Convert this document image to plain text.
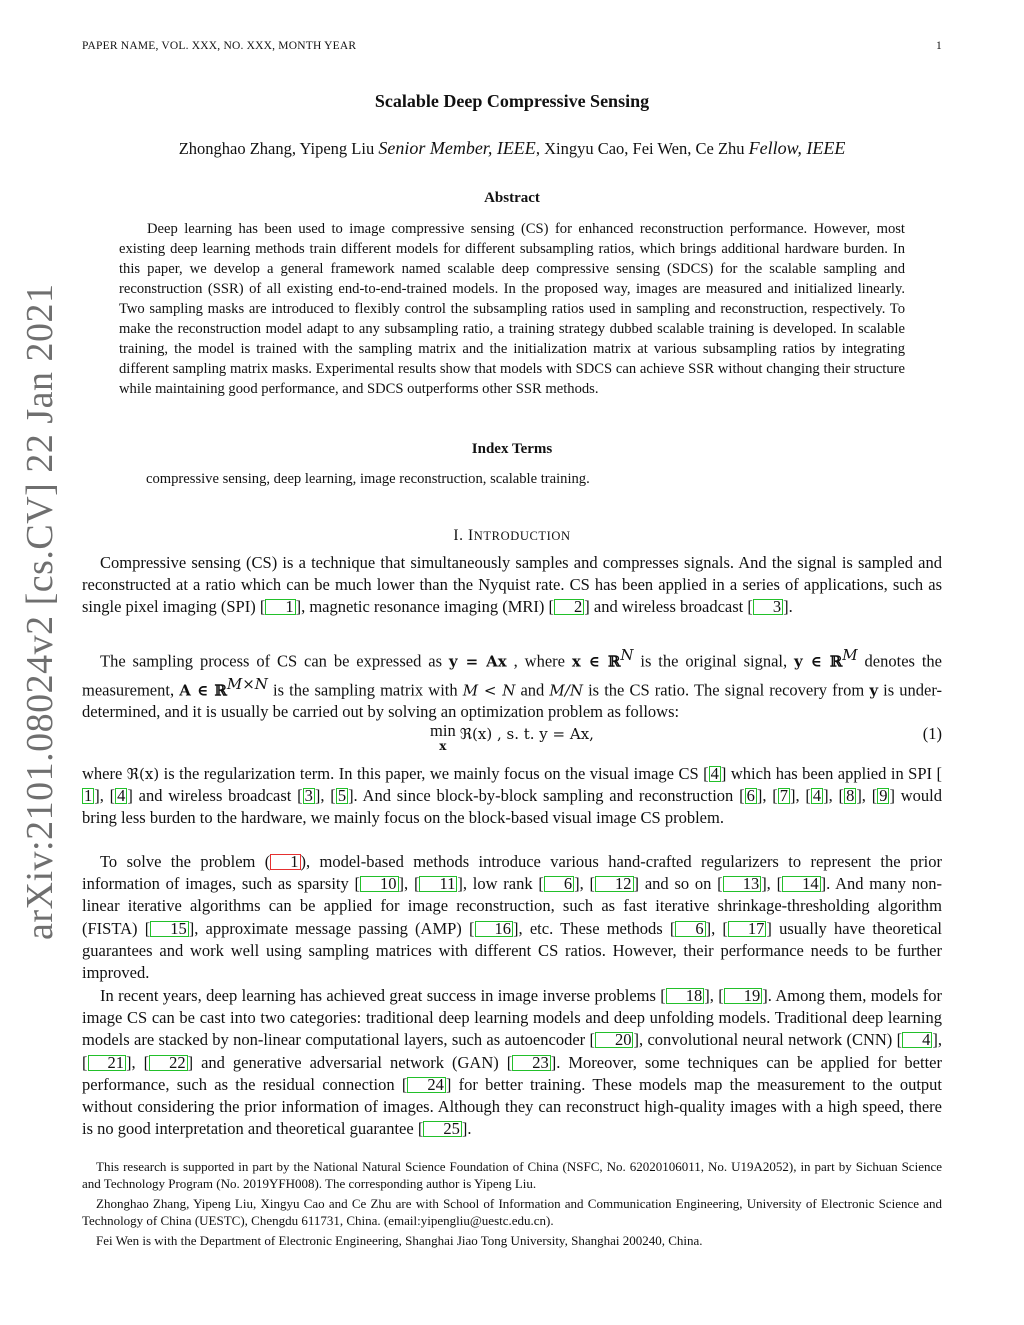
PAPER NAME, VOL. XXX, NO. XXX, MONTH YEAR	1
arXiv:2101.08024v2 [cs.CV] 22 Jan 2021
Scalable Deep Compressive Sensing
Zhonghao Zhang, Yipeng Liu Senior Member, IEEE, Xingyu Cao, Fei Wen, Ce Zhu Fellow, IEEE
Abstract

Deep learning has been used to image compressive sensing (CS) for enhanced reconstruction performance. However, most existing deep learning methods train different models for different subsampling ratios, which brings additional hardware burden. In this paper, we develop a general framework named scalable deep compressive sensing (SDCS) for the scalable sampling and reconstruction (SSR) of all existing end-to-end-trained models. In the proposed way, images are measured and initialized linearly. Two sampling masks are introduced to flexibly control the subsampling ratios used in sampling and reconstruction, respectively. To make the reconstruction model adapt to any subsampling ratio, a training strategy dubbed scalable training is developed. In scalable training, the model is trained with the sampling matrix and the initialization matrix at various subsampling ratios by integrating different sampling matrix masks. Experimental results show that models with SDCS can achieve SSR without changing their structure while maintaining good performance, and SDCS outperforms other SSR methods.

Index Terms
compressive sensing, deep learning, image reconstruction, scalable training.
I. INTRODUCTION

Compressive sensing (CS) is a technique that simultaneously samples and compresses signals. And the signal is sampled and reconstructed at a ratio which can be much lower than the Nyquist rate. CS has been applied in a series of applications, such as single pixel imaging (SPI) [ 1 ], magnetic resonance imaging (MRI) [ 2 ] and wireless broadcast [ 3 ].

The sampling process of CS can be expressed as y = Ax , where x ∈ ℝ$^N$ is the original signal, y ∈ ℝ$^M$ denotes the measurement, A ∈ ℝ$^{M\times N}$ is the sampling matrix with M < N and M/N is the CS ratio. The signal recovery from y is under-determined, and it is usually be carried out by solving an optimization problem as follows:

min
x ℜ(x) , s. t. y = Ax,	(1)

where ℜ(x) is the regularization term. In this paper, we mainly focus on the visual image CS [ 4 ] which has been applied in SPI [1 ], [ 4 ] and wireless broadcast [ 3 ], [ 5 ]. And since block-by-block sampling and reconstruction [ 6 ], [ 7 ], [ 4 ], [ 8 ], [ 9 ] would bring less burden to the hardware, we mainly focus on the block-based visual image CS problem.

To solve the problem ( 1 ), model-based methods introduce various hand-crafted regularizers to represent the prior information of images, such as sparsity [ 10 ], [ 11 ], low rank [ 6 ], [ 12 ] and so on [ 13 ], [ 14 ]. And many non-linear iterative algorithms can be applied for image reconstruction, such as fast iterative shrinkage-thresholding algorithm (FISTA) [ 15 ], approximate message passing (AMP) [ 16 ], etc. These methods [ 6 ], [ 17 ] usually have theoretical guarantees and work well using sampling matrices with different CS ratios. However, their performance needs to be further improved.

In recent years, deep learning has achieved great success in image inverse problems [ 18 ], [ 19 ]. Among them, models for image CS can be cast into two categories: traditional deep learning models and deep unfolding models. Traditional deep learning models are stacked by non-linear computational layers, such as autoencoder [ 20 ], convolutional neural network (CNN) [ 4 ], [ 21 ], [ 22 ] and generative adversarial network (GAN) [ 23 ]. Moreover, some techniques can be applied for better performance, such as the residual connection [ 24 ] for better training. These models map the measurement to the output without considering the prior information of images. Although they can reconstruct high-quality images with a high speed, there is no good interpretation and theoretical guarantee [ 25 ].

This research is supported in part by the National Natural Science Foundation of China (NSFC, No. 62020106011, No. U19A2052), in part by Sichuan Science and Technology Program (No. 2019YFH008). The corresponding author is Yipeng Liu.

Zhonghao Zhang, Yipeng Liu, Xingyu Cao and Ce Zhu are with School of Information and Communication Engineering, University of Electronic Science and Technology of China (UESTC), Chengdu 611731, China. (email:yipengliu@uestc.edu.cn).

Fei Wen is with the Department of Electronic Engineering, Shanghai Jiao Tong University, Shanghai 200240, China.
